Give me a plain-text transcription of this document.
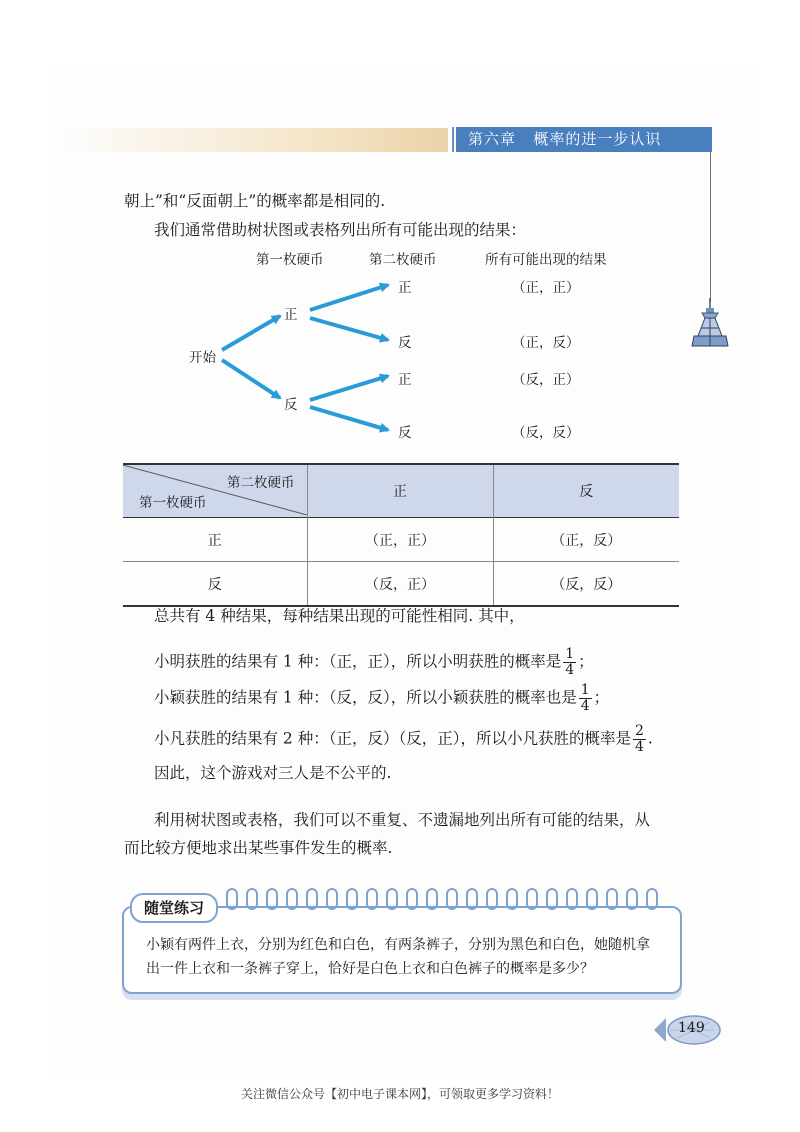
第六章 概率的进一步认识
朝上”和“反面朝上”的概率都是相同的.
我们通常借助树状图或表格列出所有可能出现的结果：
第一枚硬币	第二枚硬币	所有可能出现的结果
开始
正
反
正
反
正
反
（正，正）
（正，反）
（反，正）
（反，反）
第二枚硬币
第一枚硬币	正	反
正	（正，正）	（正，反）
反	（反，正）	（反，反）
总共有 4 种结果，每种结果出现的可能性相同. 其中，
小明获胜的结果有 1 种：（正，正），所以小明获胜的概率是 $\frac{1}{4}$ ；
小颖获胜的结果有 1 种：（反，反），所以小颖获胜的概率也是 $\frac{1}{4}$ ；
小凡获胜的结果有 2 种：（正，反）（反，正），所以小凡获胜的概率是 $\frac{2}{4}$ .
因此，这个游戏对三人是不公平的.
利用树状图或表格，我们可以不重复、不遗漏地列出所有可能的结果，从
而比较方便地求出某些事件发生的概率.
随堂练习
小颖有两件上衣，分别为红色和白色，有两条裤子，分别为黑色和白色，她随机拿
出一件上衣和一条裤子穿上，恰好是白色上衣和白色裤子的概率是多少？
149
关注微信公众号【初中电子课本网】，可领取更多学习资料！
